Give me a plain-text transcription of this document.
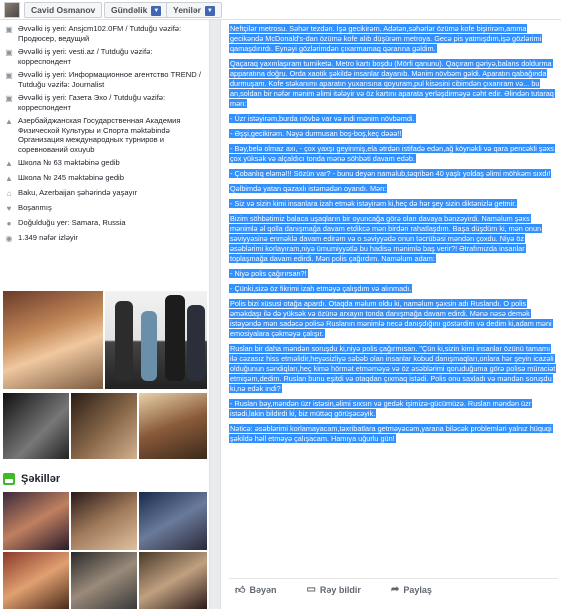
Cavid Osmanov	Gündəlik ▼	Yenilər ▼
▣ Əvvəlki iş yeri: Ansjcm102.0FM / Tutduğu vəzifə: Продюсер, ведущий
▣ Əvvəlki iş yeri: vesti.az / Tutduğu vəzifə: корреспондент
▣ Əvvəlki iş yeri: Информационное агентство TREND / Tutduğu vəzifə: Journalist
▣ Əvvəlki iş yeri: Газета Эхо / Tutduğu vəzifə: корреспондент
▲ Азербайджанская Государственная Академия Физической Культуры и Спорта məktəbində Организация международных турниров и соревнований oxuyub
▲ Школа № 63 məktəbinə gedib
▲ Школа № 245 məktəbinə gedib
⌂ Baku, Azerbaijan şəhərində yaşayır
♥ Boşanmış
● Doğulduğu yer: Samara, Russia
◉ 1.349 nəfər izləyir
Şəkillər
Neftçilər metrosu. Səhər tezdən. İşə gecikirəm. Adətən,səhərlər özümə kofe bişirirəm,amma gecikəndə McDonald's-dan özümə kofe alıb düşürəm metroya. Gecə pis yatmışdım,işə gözlərimi qamaşdırırdı. Eynəyi gözlərimdən çıxarmamaq qərarına gəldim.
Qaçaraq yaxınlaşıram turniketə. Metro kartı boşdu (Mörfi qanunu). Qaçıram gəriyə,balans doldurma apparatına doğru. Orda xaotik şəkildə insanlar dayanıb. Mənim növbəm gəldi. Aparatın qabağında durmuşam. Kofe stəkanımı aparatın yuxarısına qoyuram,pul kisəsini cibimdən çıxarıram və... bu an,soldan bir nəfər mənim əlimi itələyir və öz kartını aparata yerləşdirməyə cəht edir. Əlindən tutaraq mən:
- Üzr istəyirəm,burda növbə var və indi mənim növbəmdi.
- Əşşi,gecikirəm. Nəyə durmusan boş-boş,keç dəəə!!
- Bəy,belə olmaz axı, - çox yaxşı geyinmiş,ela ətrdən istifadə edən,ağ köynəkli və qara pencəkli şəxs çox yüksək və alçaldıcı tonda mənə söhbəti davam edəb.
- Çobanlıq eləmə!!! Sözün var? - bunu deyən naməlub,təqribən 40 yaşlı yoldaş əlimi möhkəm sıxdı!
Qəlbimdə yatan qəzaxlı istəmədən oyandı. Mən:
- Siz və sizin kimi insanlara izah etmək istəyirəm ki,heç də hər şey sizin diktənizlə getmir.
Bizim söhbətimiz balaca uşaqların bir oyuncağa görə olan davaya bənzəyirdi. Naməlum şəxs mənimlə əl qolla danışmağa davam etdikcə mən birdən rahatlaşdım. Başa düşdüm ki, mən onun səviyyəsinə enməklə davam edirəm və o səviyyədə onun təcrübəsi məndən çoxdu. Niyə öz əsəblərimi korlayıram,niyə ümumiyyətlə bu hadisə mənimlə baş verir?! Ətrafımızda insanlar toplaşmağa davam edirdi. Mən polis çağırdım. Naməlum adam:
- Niyə polis çağırırsan?!
- Çünki,sizə öz fikrimi izah etməyə çalışdım və alınmadı.
Polis bizi xüsusi otağa apardı. Otaqda məlum oldu ki, naməlum şəxsin adı Ruslandı. O polis əməkdaşı ilə də yüksək və özünə arxayın tonda danışmağa davam edirdi. Mənə nəsə demək istəyəndə mən sadəcə polisə Ruslanın mənimlə necə danışdığını göstərdim və dedim ki,adam məni emosiyalara çəkməyə çalışır.
Ruslan bir daha məndən soruşdu ki,niyə polis çağırmısan. "Çün ki,sizin kimi insanlar özünü tamamı ilə cəzasız hiss etməlidir,heyəsizliyə səbəb olan insanlar kobud danışmaqları,onlara hər şeyin icazəli olduğunun səndiqları,heç kimə hörmət etməməyə və öz əsəblərimi qoruduğuma görə polisə müraciət etmişəm,dedim. Ruslan bunu eşitdi və otaqdan çıxmaq istədi. Polis onu saxladı və məndən soruşdu ki,nə edək indi?
- Ruslan bəy,məndən üzr istəsin,əlimi sıxsın və gedək işimizə-gücümüzə. Ruslan məndən üzr istədi,lakin bildirdi ki, biz müttəq görüşəcəyik.
Nəticə: əsəblərimi korlamayacam,təxribatlara getməyəcəm,yarana biləcək problemləri yalnız hüquqi şəkildə həll etməyə çalışacam. Hamıya uğurlu gün!
👍︎ Bəyən	▭ Rəy bildir	➦ Paylaş
